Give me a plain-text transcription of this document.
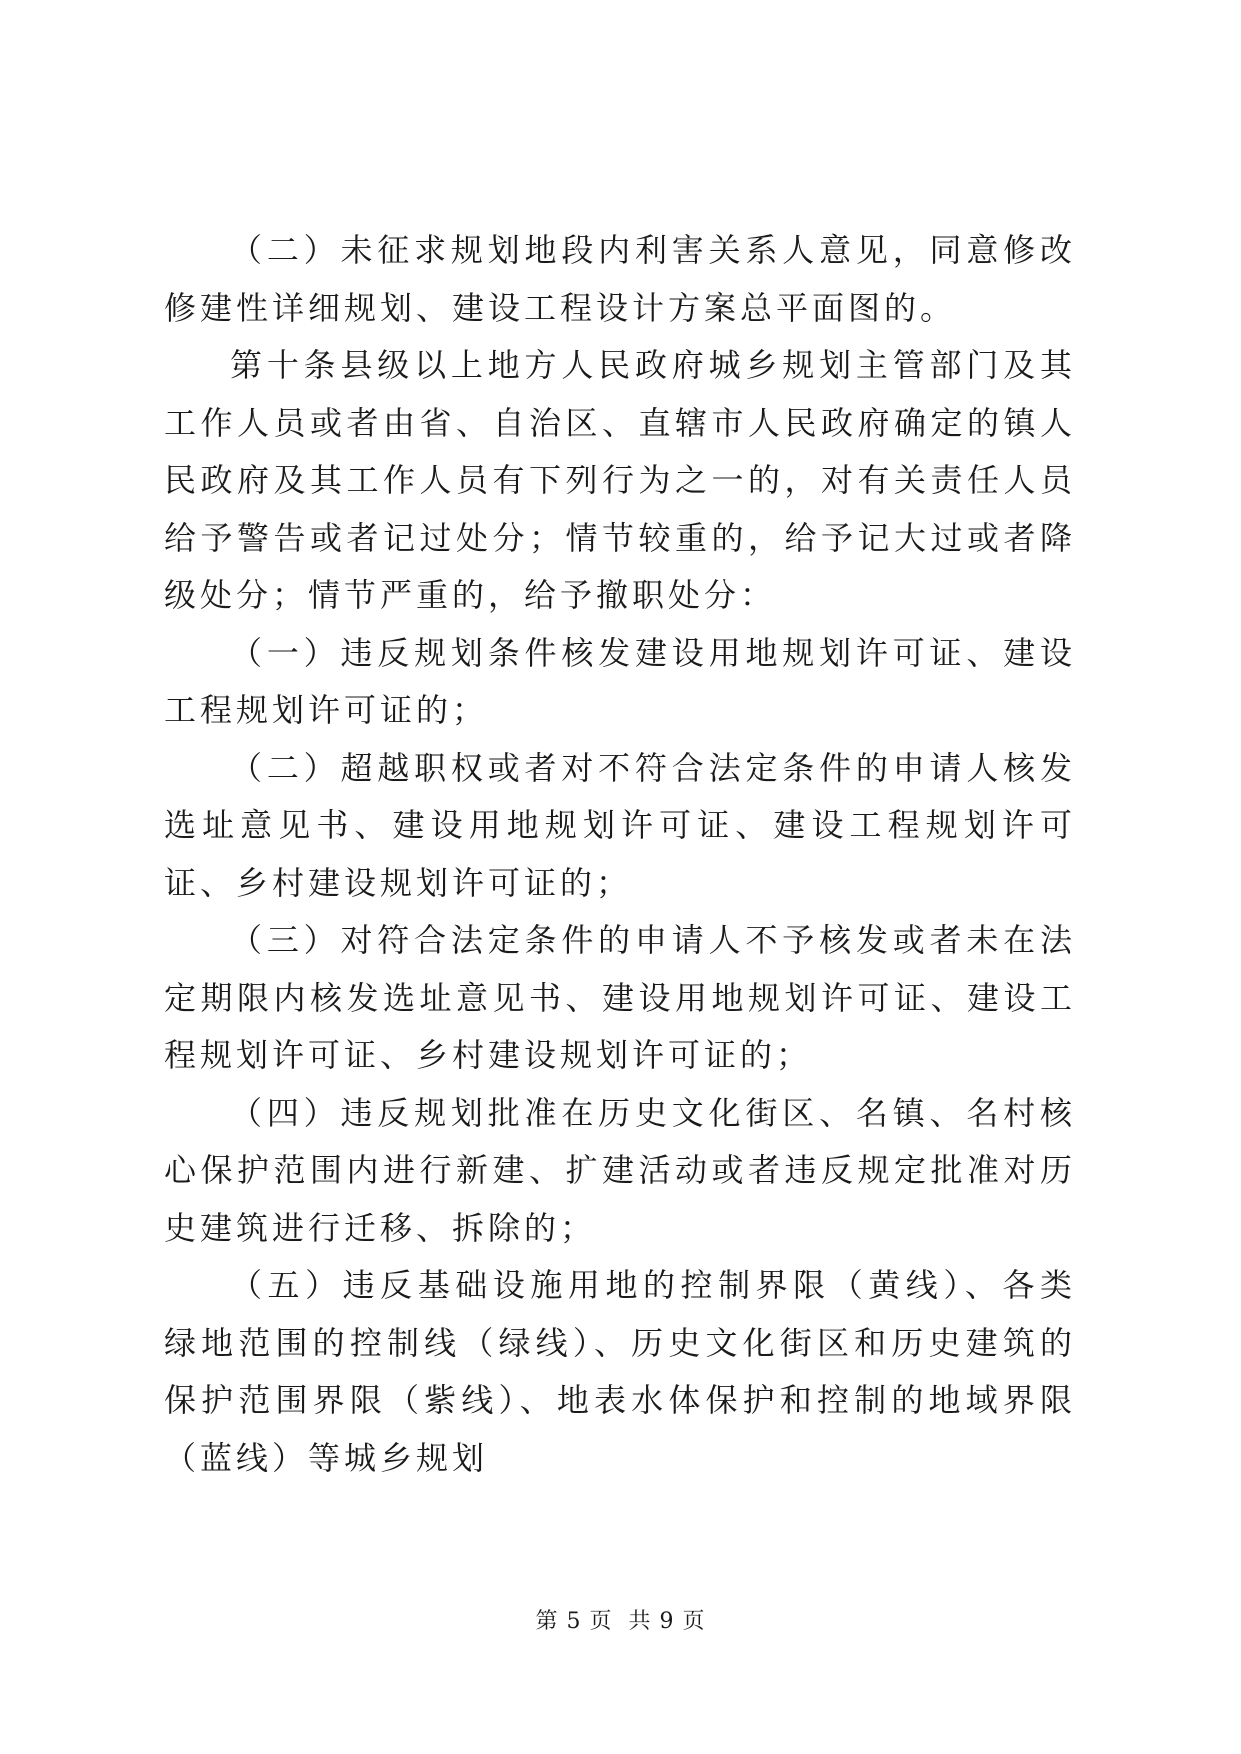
（二）未征求规划地段内利害关系人意见，同意修改修建性详细规划、建设工程设计方案总平面图的。

第十条县级以上地方人民政府城乡规划主管部门及其工作人员或者由省、自治区、直辖市人民政府确定的镇人民政府及其工作人员有下列行为之一的，对有关责任人员给予警告或者记过处分；情节较重的，给予记大过或者降级处分；情节严重的，给予撤职处分：

（一）违反规划条件核发建设用地规划许可证、建设工程规划许可证的；

（二）超越职权或者对不符合法定条件的申请人核发选址意见书、建设用地规划许可证、建设工程规划许可证、乡村建设规划许可证的；

（三）对符合法定条件的申请人不予核发或者未在法定期限内核发选址意见书、建设用地规划许可证、建设工程规划许可证、乡村建设规划许可证的；

（四）违反规划批准在历史文化街区、名镇、名村核心保护范围内进行新建、扩建活动或者违反规定批准对历史建筑进行迁移、拆除的；

（五）违反基础设施用地的控制界限（黄线）、各类绿地范围的控制线（绿线）、历史文化街区和历史建筑的保护范围界限（紫线）、地表水体保护和控制的地域界限（蓝线）等城乡规划

第 5 页  共 9 页
